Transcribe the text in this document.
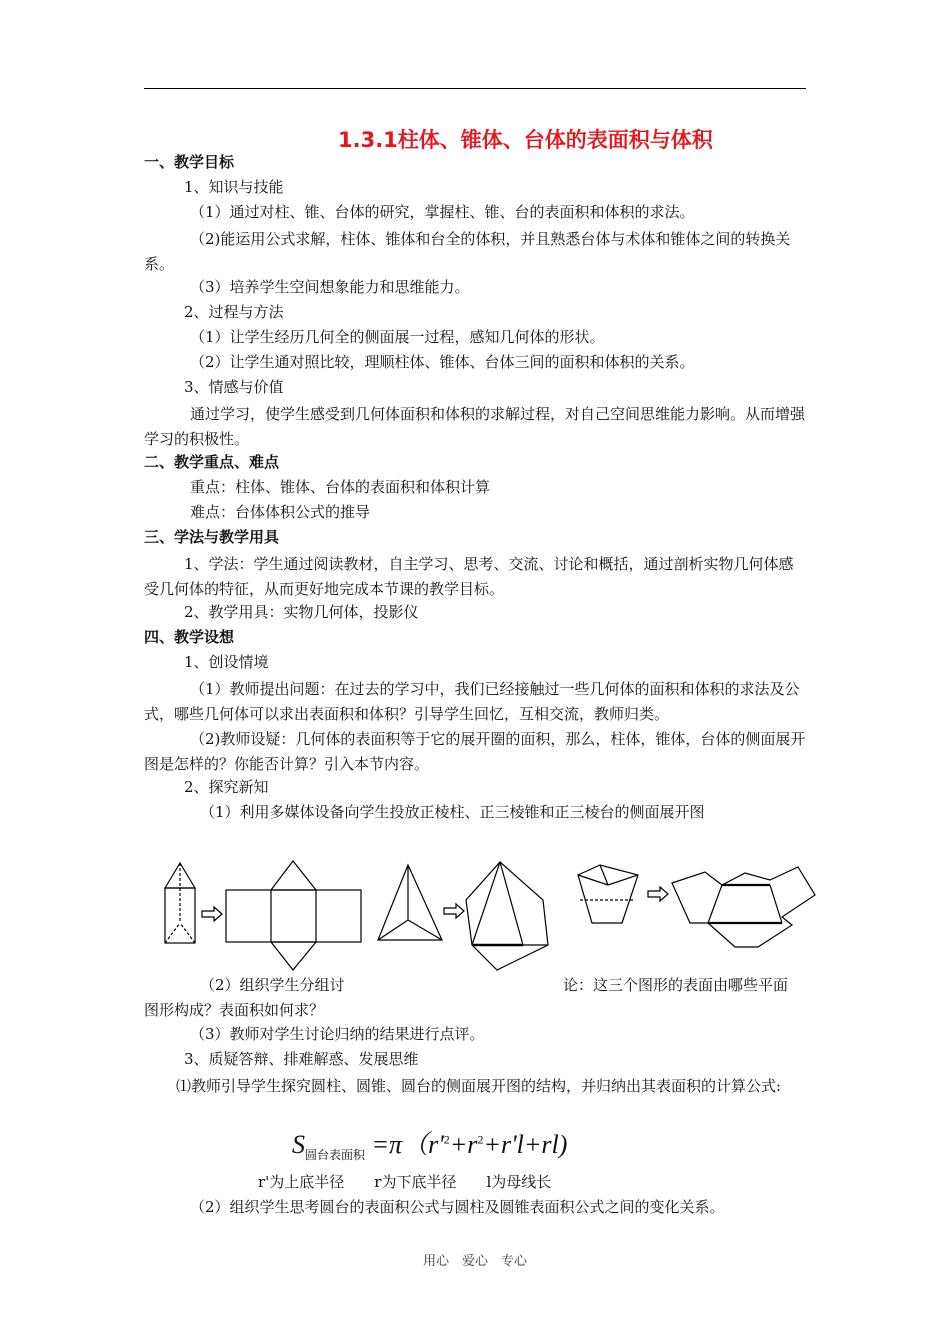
1.3.1柱体、锥体、台体的表面积与体积
一、教学目标
1、知识与技能
（1）通过对柱、锥、台体的研究，掌握柱、锥、台的表面积和体积的求法。
（2)能运用公式求解，柱体、锥体和台全的体积，并且熟悉台体与术体和锥体之间的转换关系。
（3）培养学生空间想象能力和思维能力。
2、过程与方法
（1）让学生经历几何全的侧面展一过程，感知几何体的形状。
（2）让学生通对照比较，理顺柱体、锥体、台体三间的面积和体积的关系。
3、情感与价值
通过学习，使学生感受到几何体面积和体积的求解过程，对自己空间思维能力影响。从而增强学习的积极性。
二、教学重点、难点
重点：柱体、锥体、台体的表面积和体积计算
难点：台体体积公式的推导
三、学法与教学用具
1、学法：学生通过阅读教材，自主学习、思考、交流、讨论和概括，通过剖析实物几何体感受几何体的特征，从而更好地完成本节课的教学目标。
2、教学用具：实物几何体，投影仪
四、教学设想
1、创设情境
（1）教师提出问题：在过去的学习中，我们已经接触过一些几何体的面积和体积的求法及公式，哪些几何体可以求出表面积和体积？引导学生回忆，互相交流，教师归类。
（2)教师设疑：几何体的表面积等于它的展开圈的面积，那么，柱体，锥体，台体的侧面展开图是怎样的？你能否计算？引入本节内容。
2、探究新知
（1）利用多媒体设备向学生投放正棱柱、正三棱锥和正三棱台的侧面展开图
（2）组织学生分组讨	论：这三个图形的表面由哪些平面
图形构成？表面积如何求？
（3）教师对学生讨论归纳的结果进行点评。
3、质疑答辩、排难解惑、发展思维
⑴教师引导学生探究圆柱、圆锥、圆台的侧面展开图的结构，并归纳出其表面积的计算公式:
$S_{圆台表面积} =\pi(r'^2+r^2+r'l+rl)$
r'为上底半径　　r为下底半径　　l为母线长
（2）组织学生思考圆台的表面积公式与圆柱及圆锥表面积公式之间的变化关系。
用心　爱心　专心
